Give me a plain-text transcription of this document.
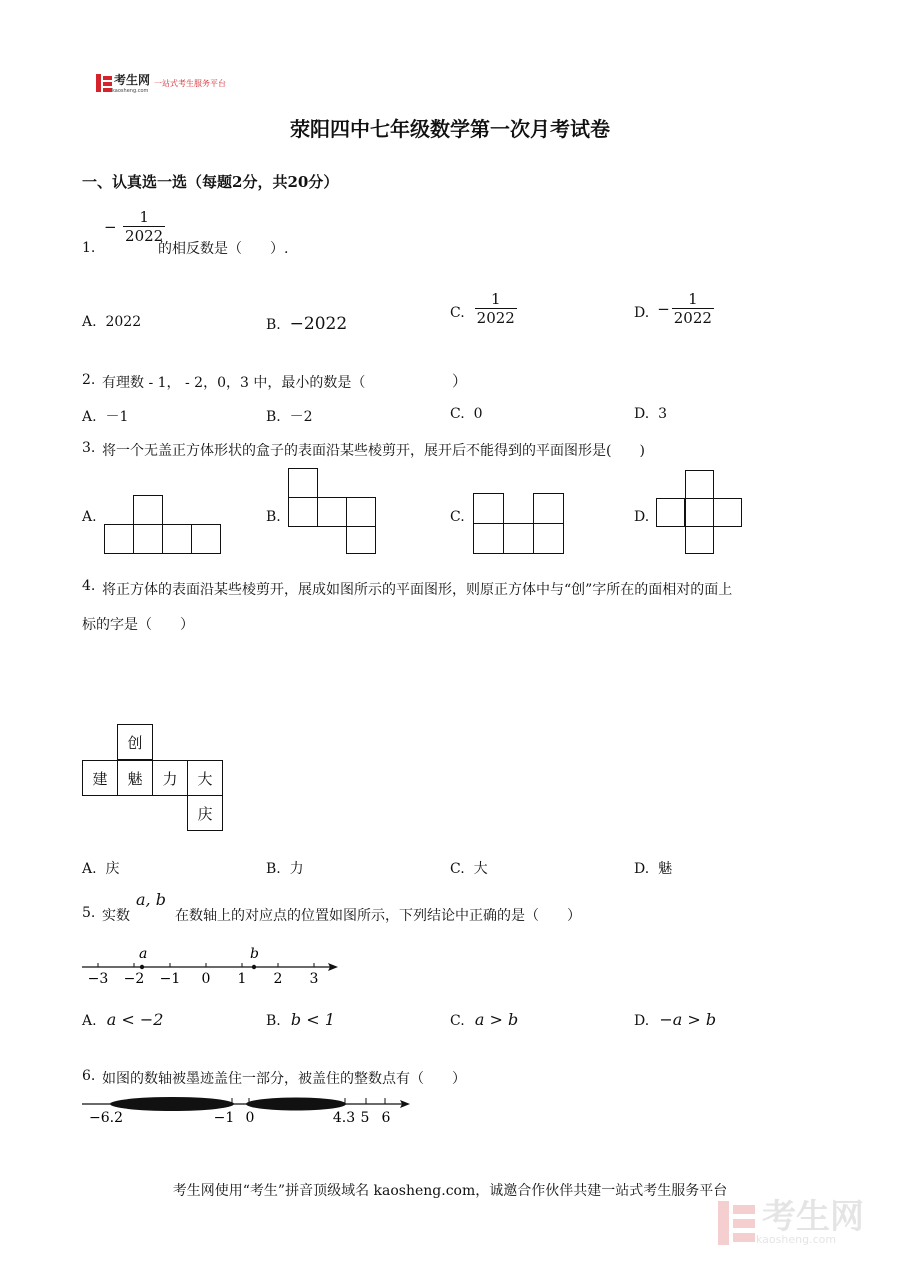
考生网
kaosheng.com
一站式考生服务平台
荥阳四中七年级数学第一次月考试卷
一、认真选一选（每题2分，共20分）
− $\frac{1}{2022}$
1.	的相反数是（　　）.
A. 2022	B. −2022
C. $\frac{1}{2022}$	D. − $\frac{1}{2022}$
2. 有理数 - 1， - 2，0，3 中，最小的数是（	）
A. －1	B. －2	C. 0	D. 3
3. 将一个无盖正方体形状的盒子的表面沿某些棱剪开，展开后不能得到的平面图形是(　　)
A.	B.	C.	D.
4. 将正方体的表面沿某些棱剪开，展成如图所示的平面图形，则原正方体中与“创”字所在的面相对的面上
标的字是（　　）
创
建	魅	力	大
庆
A. 庆	B. 力	C. 大	D. 魅
5. 实数
a, b
在数轴上的对应点的位置如图所示，下列结论中正确的是（　　）
−3 −2 −1 0 1 2 3
a	b
A. a < −2	B. b < 1	C. a > b	D. −a > b
6. 如图的数轴被墨迹盖住一部分，被盖住的整数点有（　　）
−6.2	−1 0	4.3 5 6
考生网使用“考生”拼音顶级域名 kaosheng.com，诚邀合作伙伴共建一站式考生服务平台
考生网
kaosheng.com
